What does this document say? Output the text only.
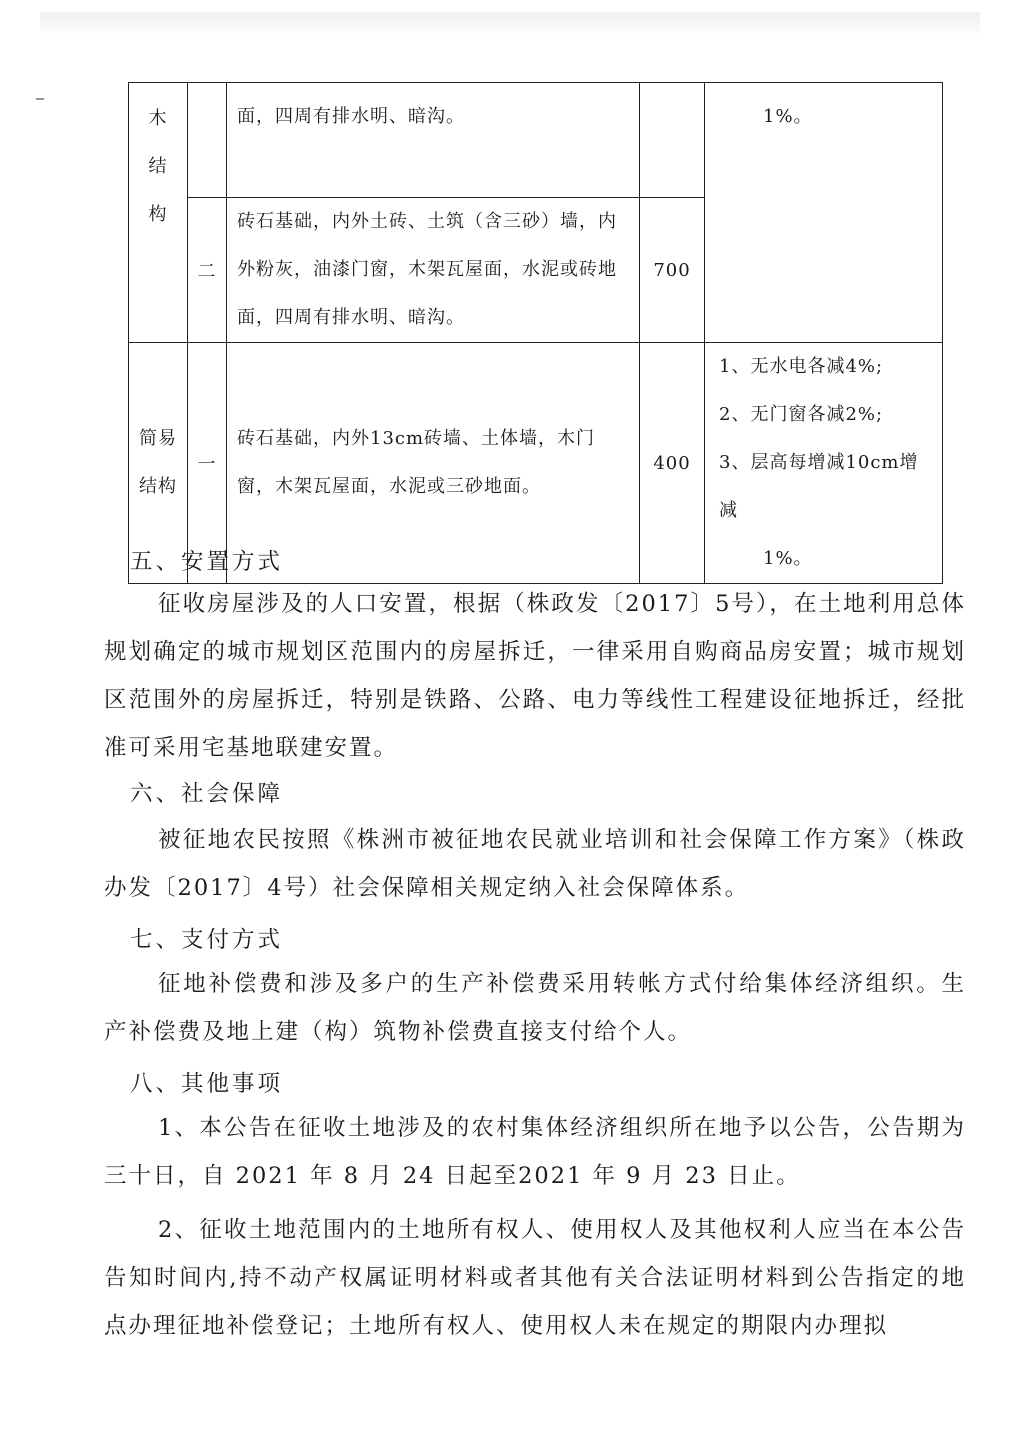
木
结
构		面，四周有排水明、暗沟。		1%。

	二	砖石基础，内外土砖、土筑（含三砂）墙，内外粉灰，油漆门窗，木架瓦屋面，水泥或砖地面，四周有排水明、暗沟。	700	

简易
结构	一	砖石基础，内外13cm砖墙、土体墙，木门窗，木架瓦屋面，水泥或三砂地面。	400	1、无水电各减4%;
2、无门窗各减2%;
3、层高每增减10cm增减
1%。
五、安置方式

征收房屋涉及的人口安置，根据（株政发〔2017〕5号），在土地利用总体规划确定的城市规划区范围内的房屋拆迁，一律采用自购商品房安置；城市规划区范围外的房屋拆迁，特别是铁路、公路、电力等线性工程建设征地拆迁，经批准可采用宅基地联建安置。

六、社会保障

被征地农民按照《株洲市被征地农民就业培训和社会保障工作方案》（株政办发〔2017〕4号）社会保障相关规定纳入社会保障体系。

七、支付方式

征地补偿费和涉及多户的生产补偿费采用转帐方式付给集体经济组织。生产补偿费及地上建（构）筑物补偿费直接支付给个人。

八、其他事项

1、本公告在征收土地涉及的农村集体经济组织所在地予以公告，公告期为三十日，自 2021 年 8 月 24 日起至2021 年 9 月 23 日止。

2、征收土地范围内的土地所有权人、使用权人及其他权利人应当在本公告告知时间内,持不动产权属证明材料或者其他有关合法证明材料到公告指定的地点办理征地补偿登记；土地所有权人、使用权人未在规定的期限内办理拟
